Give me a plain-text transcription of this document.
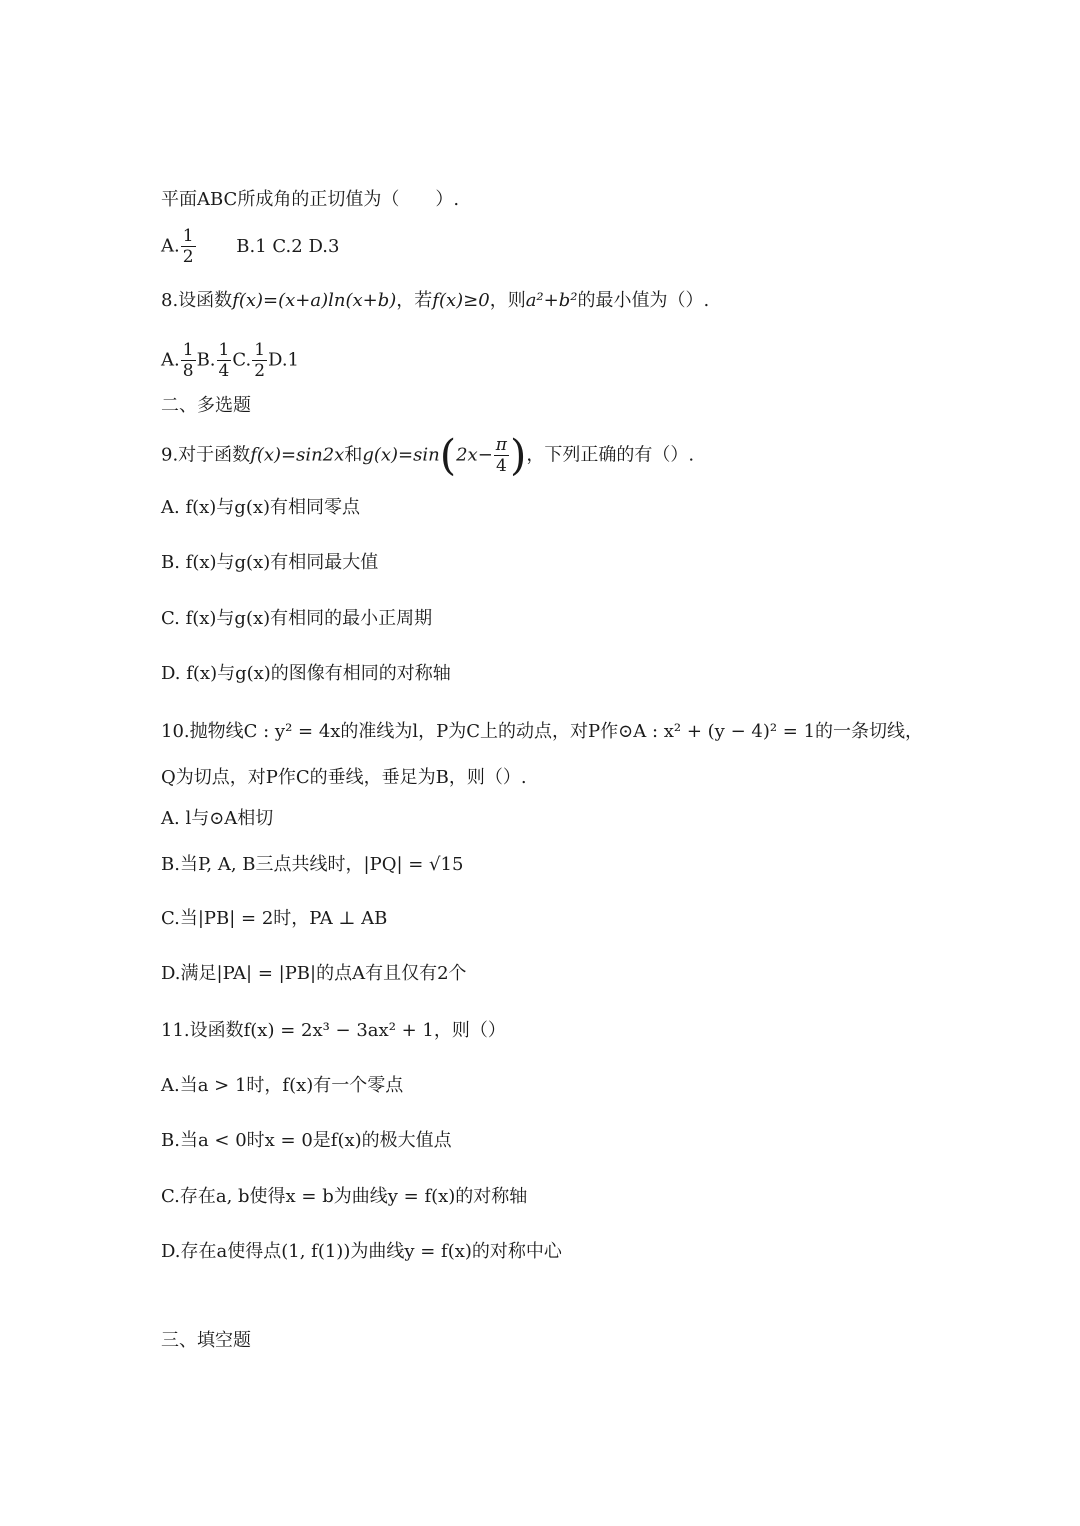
平面ABC所成角的正切值为（　　）.
A. $\frac{1}{2} B.1$ C.2 D.3
8.设函数f(x)=(x+a)ln(x+b)，若f(x)≥0，则a²+b²的最小值为（）.
A. $\frac{1}{8} B$. $\frac{1}{4} C$. $\frac{1}{2} D.1$
二、多选题
9.对于函数f(x)=sin2x和$g(x)=\sin(2x- \frac{\pi}{4}$ )，下列正确的有（）.
A. f(x)与g(x)有相同零点
B. f(x)与g(x)有相同最大值
C. f(x)与g(x)有相同的最小正周期
D. f(x)与g(x)的图像有相同的对称轴
10.抛物线C : y² = 4x的准线为l，P为C上的动点，对P作⊙A : x² + (y − 4)² = 1的一条切线，
Q为切点，对P作C的垂线，垂足为B，则（）.
A. l与⊙A相切
B.当P, A, B三点共线时，|PQ| = √15
C.当|PB| = 2时，PA ⊥ AB
D.满足|PA| = |PB|的点A有且仅有2个
11.设函数f(x) = 2x³ − 3ax² + 1，则（）
A.当a > 1时，f(x)有一个零点
B.当a < 0时x = 0是f(x)的极大值点
C.存在a, b使得x = b为曲线y = f(x)的对称轴
D.存在a使得点(1, f(1))为曲线y = f(x)的对称中心
三、填空题
